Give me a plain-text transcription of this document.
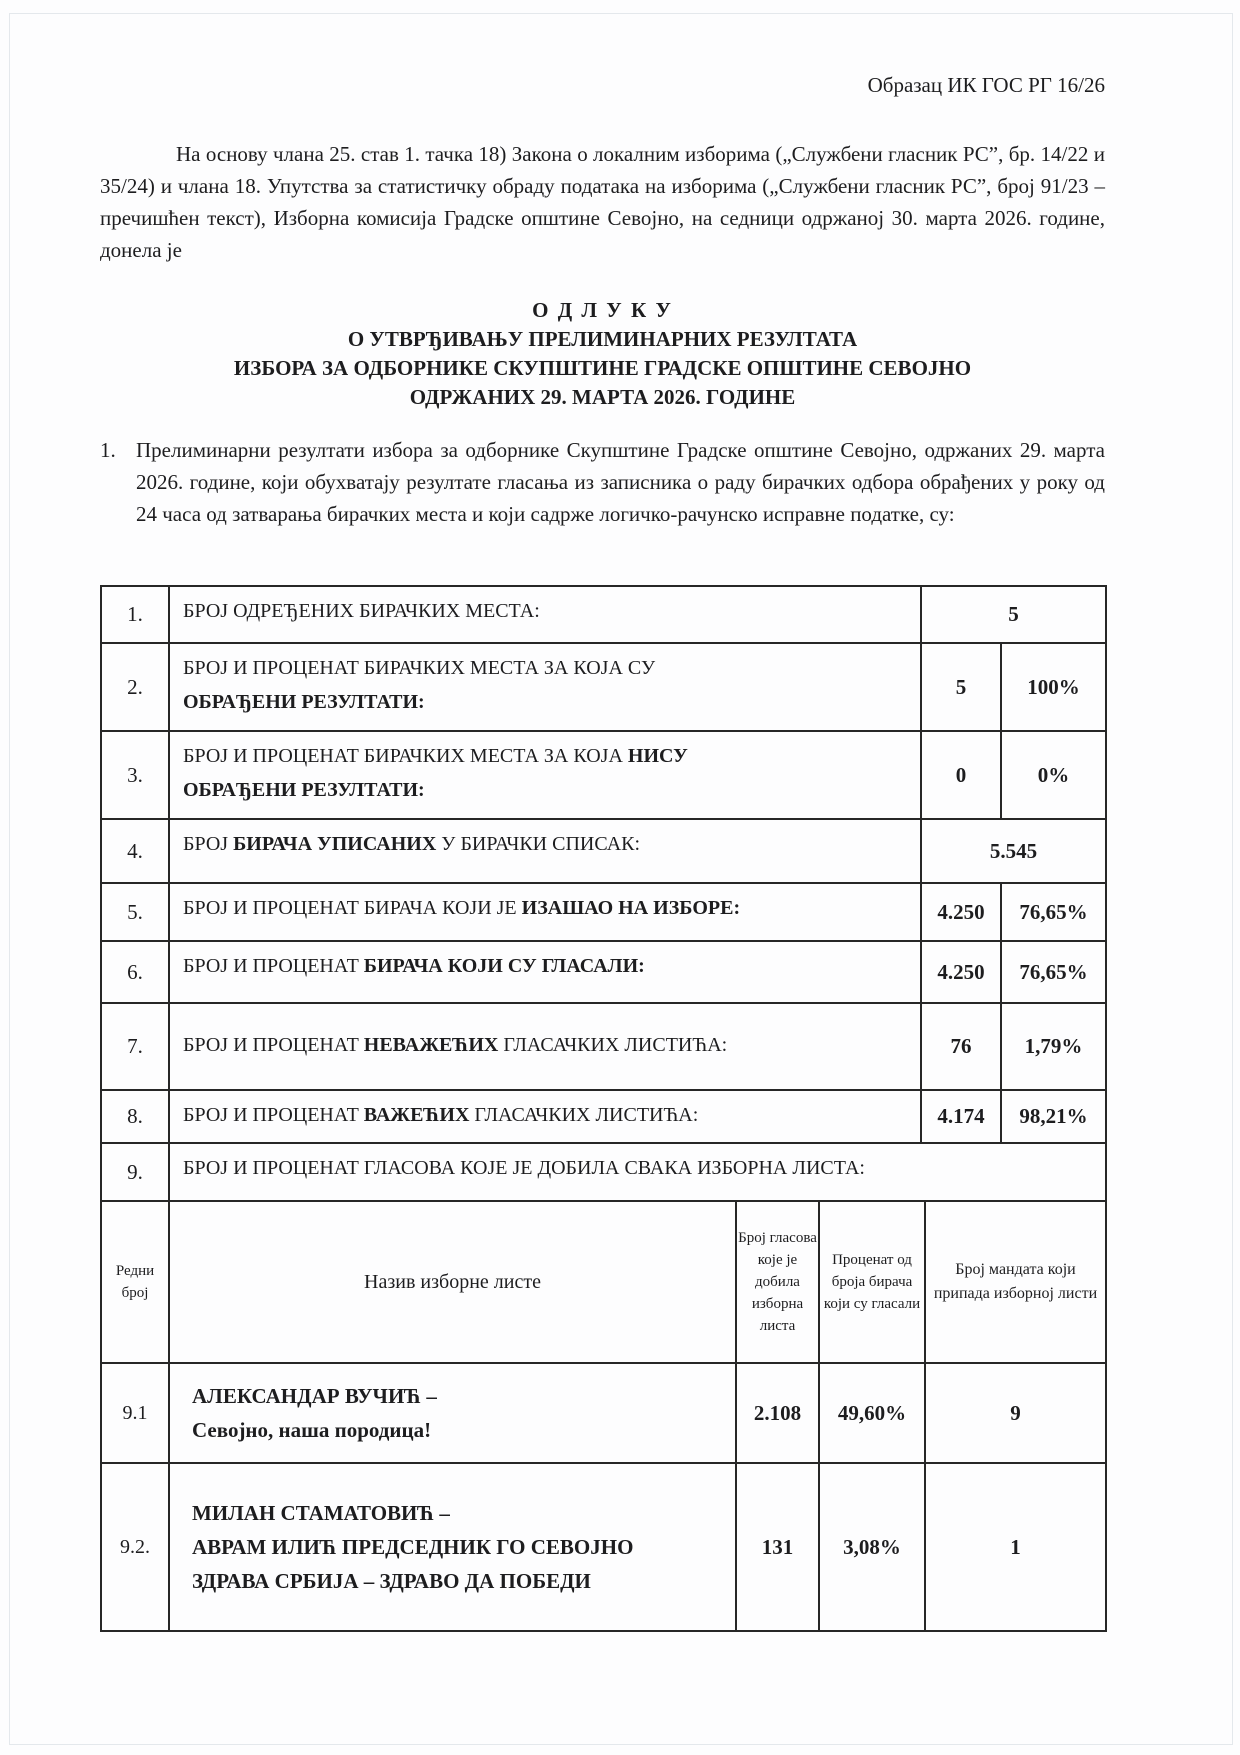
Образац ИК ГОС РГ 16/26

На основу члана 25. став 1. тачка 18) Закона о локалним изборима („Службени гласник РС”, бр. 14/22 и 35/24) и члана 18. Упутства за статистичку обраду података на изборима („Службени гласник РС”, број 91/23 – пречишћен текст), Изборна комисија Градске општине Севојно, на седници одржаној 30. марта 2026. године, донела је

О Д Л У К У
О УТВРЂИВАЊУ ПРЕЛИМИНАРНИХ РЕЗУЛТАТА
ИЗБОРА ЗА ОДБОРНИКЕ СКУПШТИНЕ ГРАДСКЕ ОПШТИНЕ СЕВОЈНО
ОДРЖАНИХ 29. МАРТА 2026. ГОДИНЕ
1. Прелиминарни резултати избора за одборнике Скупштине Градске општине Севојно, одржаних 29. марта 2026. године, који обухватају резултате гласања из записника о раду бирачких одбора обрађених у року од 24 часа од затварања бирачких места и који садрже логичко-рачунско исправне податке, су:
1.	БРОЈ ОДРЕЂЕНИХ БИРАЧКИХ МЕСТА:	5	
2.	БРОЈ И ПРОЦЕНАТ БИРАЧКИХ МЕСТА ЗА КОЈА СУ
ОБРАЂЕНИ РЕЗУЛТАТИ:	5	100%
3.	БРОЈ И ПРОЦЕНАТ БИРАЧКИХ МЕСТА ЗА КОЈА НИСУ
ОБРАЂЕНИ РЕЗУЛТАТИ:	0	0%
4.	БРОЈ БИРАЧА УПИСАНИХ У БИРАЧКИ СПИСАК:	5.545	
5.	БРОЈ И ПРОЦЕНАТ БИРАЧА КОЈИ ЈЕ ИЗАШАО НА ИЗБОРЕ:	4.250	76,65%
6.	БРОЈ И ПРОЦЕНАТ БИРАЧА КОЈИ СУ ГЛАСАЛИ:	4.250	76,65%
7.	БРОЈ И ПРОЦЕНАТ НЕВАЖЕЋИХ ГЛАСАЧКИХ ЛИСТИЋА:	76	1,79%
8.	БРОЈ И ПРОЦЕНАТ ВАЖЕЋИХ ГЛАСАЧКИХ ЛИСТИЋА:	4.174	98,21%
9.	БРОЈ И ПРОЦЕНАТ ГЛАСОВА КОЈЕ ЈЕ ДОБИЛА СВАКА ИЗБОРНА ЛИСТА:		
Редни број	Назив изборне листе	Број гласова које је добила изборна листа	Проценат од броја бирача који су гласали	Број мандата који припада изборној листи
9.1	АЛЕКСАНДАР ВУЧИЋ –
Севојно, наша породица!	2.108	49,60%	9
9.2.	МИЛАН СТАМАТОВИЋ –
АВРАМ ИЛИЋ ПРЕДСЕДНИК ГО СЕВОЈНО
ЗДРАВА СРБИЈА – ЗДРАВО ДА ПОБЕДИ	131	3,08%	1
